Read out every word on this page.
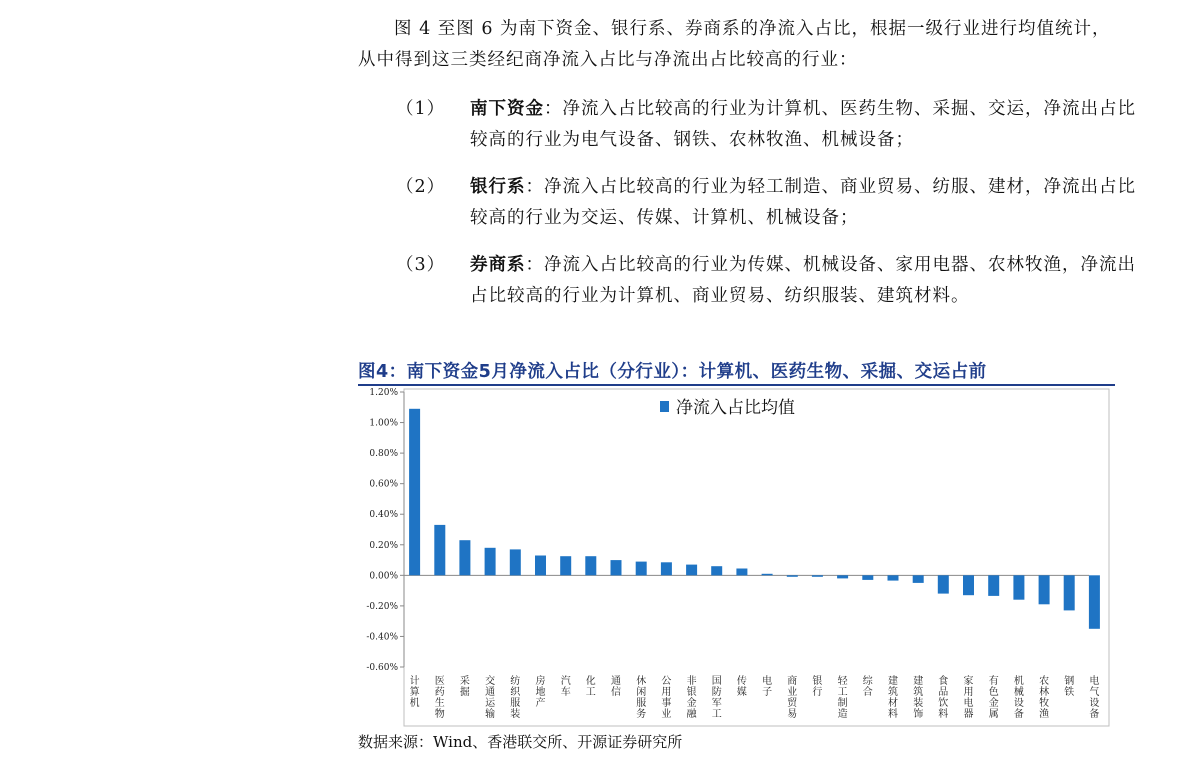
图 4 至图 6 为南下资金、银行系、券商系的净流入占比，根据一级行业进行均值统计，从中得到这三类经纪商净流入占比与净流出占比较高的行业：
（1）	南下资金：净流入占比较高的行业为计算机、医药生物、采掘、交运，净流出占比较高的行业为电气设备、钢铁、农林牧渔、机械设备；
（2）	银行系：净流入占比较高的行业为轻工制造、商业贸易、纺服、建材，净流出占比较高的行业为交运、传媒、计算机、机械设备；
（3）	券商系：净流入占比较高的行业为传媒、机械设备、家用电器、农林牧渔，净流出占比较高的行业为计算机、商业贸易、纺织服装、建筑材料。
图4：南下资金5月净流入占比（分行业）：计算机、医药生物、采掘、交运占前
-0.60%
-0.40%
-0.20%
0.00%
0.20%
0.40%
0.60%
0.80%
1.00%
1.20%
计算机
医药生物
采掘
交通运输
纺织服装
房地产
汽车
化工
通信
休闲服务
公用事业
非银金融
国防军工
传媒
电子
商业贸易
银行
轻工制造
综合
建筑材料
建筑装饰
食品饮料
家用电器
有色金属
机械设备
农林牧渔
钢铁
电气设备
净流入占比均值
数据来源：Wind、香港联交所、开源证券研究所
